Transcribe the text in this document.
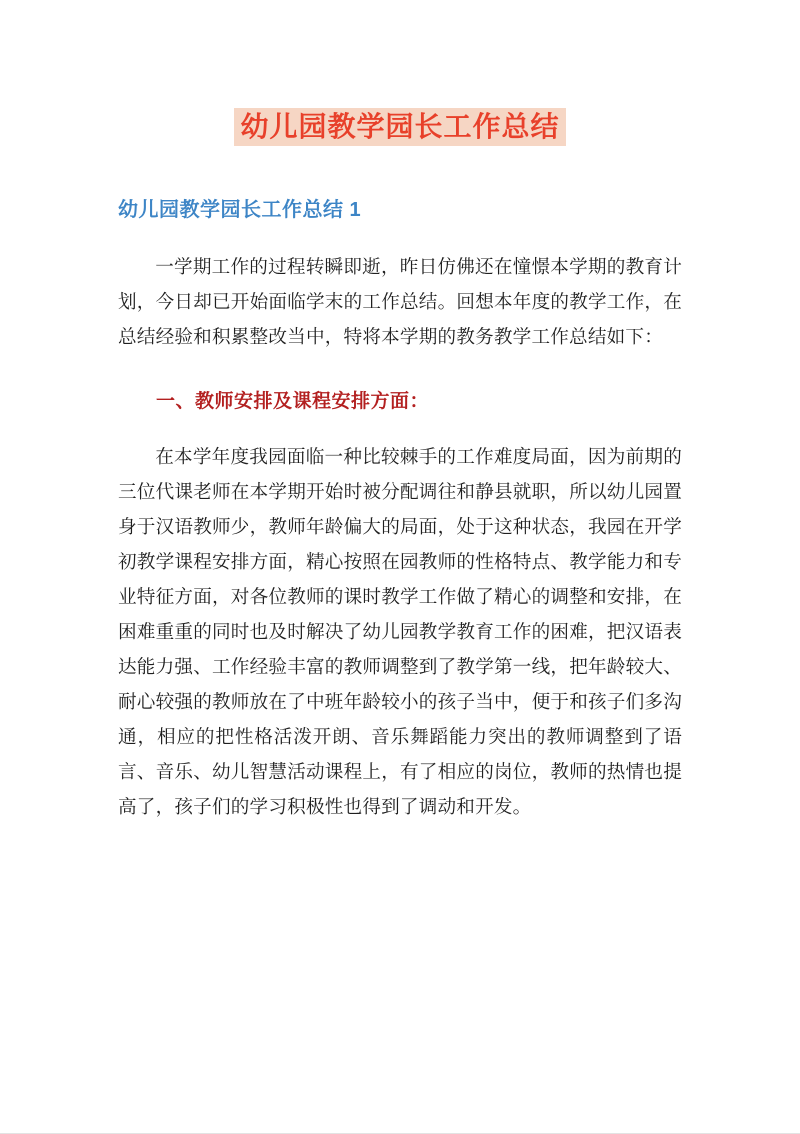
幼儿园教学园长工作总结
幼儿园教学园长工作总结 1

一学期工作的过程转瞬即逝，昨日仿佛还在憧憬本学期的教育计划，今日却已开始面临学末的工作总结。回想本年度的教学工作，在总结经验和积累整改当中，特将本学期的教务教学工作总结如下：

一、教师安排及课程安排方面：

在本学年度我园面临一种比较棘手的工作难度局面，因为前期的三位代课老师在本学期开始时被分配调往和静县就职，所以幼儿园置身于汉语教师少，教师年龄偏大的局面，处于这种状态，我园在开学初教学课程安排方面，精心按照在园教师的性格特点、教学能力和专业特征方面，对各位教师的课时教学工作做了精心的调整和安排，在困难重重的同时也及时解决了幼儿园教学教育工作的困难，把汉语表达能力强、工作经验丰富的教师调整到了教学第一线，把年龄较大、耐心较强的教师放在了中班年龄较小的孩子当中，便于和孩子们多沟通，相应的把性格活泼开朗、音乐舞蹈能力突出的教师调整到了语言、音乐、幼儿智慧活动课程上，有了相应的岗位，教师的热情也提高了，孩子们的学习积极性也得到了调动和开发。
